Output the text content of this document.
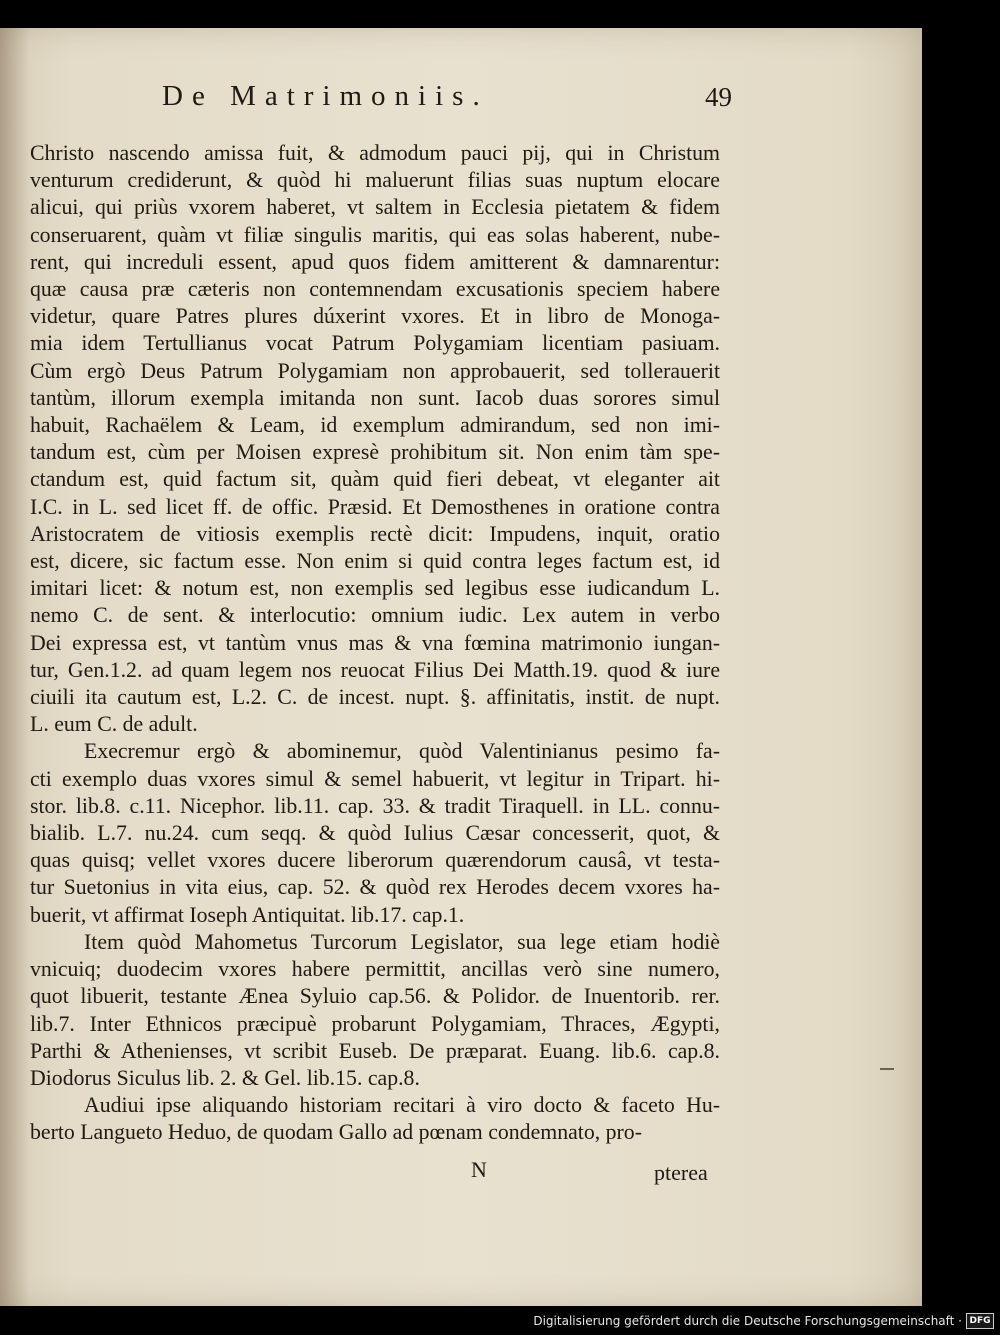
De Matrimoniis.	49
Christo nascendo amissa fuit, & admodum pauci pij, qui in Christum
venturum crediderunt, & quòd hi maluerunt filias suas nuptum elocare
alicui, qui priùs vxorem haberet, vt saltem in Ecclesia pietatem & fidem
conseruarent, quàm vt filiæ singulis maritis, qui eas solas haberent, nube-
rent, qui increduli essent, apud quos fidem amitterent & damnarentur:
quæ causa præ cæteris non contemnendam excusationis speciem habere
videtur, quare Patres plures dúxerint vxores. Et in libro de Monoga-
mia idem Tertullianus vocat Patrum Polygamiam licentiam pasiuam.
Cùm ergò Deus Patrum Polygamiam non approbauerit, sed tollerauerit
tantùm, illorum exempla imitanda non sunt. Iacob duas sorores simul
habuit, Rachaëlem & Leam, id exemplum admirandum, sed non imi-
tandum est, cùm per Moisen expresè prohibitum sit. Non enim tàm spe-
ctandum est, quid factum sit, quàm quid fieri debeat, vt eleganter ait
I.C. in L. sed licet ff. de offic. Præsid. Et Demosthenes in oratione contra
Aristocratem de vitiosis exemplis rectè dicit: Impudens, inquit, oratio
est, dicere, sic factum esse. Non enim si quid contra leges factum est, id
imitari licet: & notum est, non exemplis sed legibus esse iudicandum L.
nemo C. de sent. & interlocutio: omnium iudic. Lex autem in verbo
Dei expressa est, vt tantùm vnus mas & vna fœmina matrimonio iungan-
tur, Gen.1.2. ad quam legem nos reuocat Filius Dei Matth.19. quod & iure
ciuili ita cautum est, L.2. C. de incest. nupt. §. affinitatis, instit. de nupt.
L. eum C. de adult.
Execremur ergò & abominemur, quòd Valentinianus pesimo fa-
cti exemplo duas vxores simul & semel habuerit, vt legitur in Tripart. hi-
stor. lib.8. c.11. Nicephor. lib.11. cap. 33. & tradit Tiraquell. in LL. connu-
bialib. L.7. nu.24. cum seqq. & quòd Iulius Cæsar concesserit, quot, &
quas quisq; vellet vxores ducere liberorum quærendorum causâ, vt testa-
tur Suetonius in vita eius, cap. 52. & quòd rex Herodes decem vxores ha-
buerit, vt affirmat Ioseph Antiquitat. lib.17. cap.1.
Item quòd Mahometus Turcorum Legislator, sua lege etiam hodiè
vnicuiq; duodecim vxores habere permittit, ancillas verò sine numero,
quot libuerit, testante Ænea Syluio cap.56. & Polidor. de Inuentorib. rer.
lib.7. Inter Ethnicos præcipuè probarunt Polygamiam, Thraces, Ægypti,
Parthi & Athenienses, vt scribit Euseb. De præparat. Euang. lib.6. cap.8.
Diodorus Siculus lib. 2. & Gel. lib.15. cap.8.
Audiui ipse aliquando historiam recitari à viro docto & faceto Hu-
berto Langueto Heduo, de quodam Gallo ad pœnam condemnato, pro-
N	pterea
Digitalisierung gefördert durch die Deutsche Forschungsgemeinschaft · DFG
